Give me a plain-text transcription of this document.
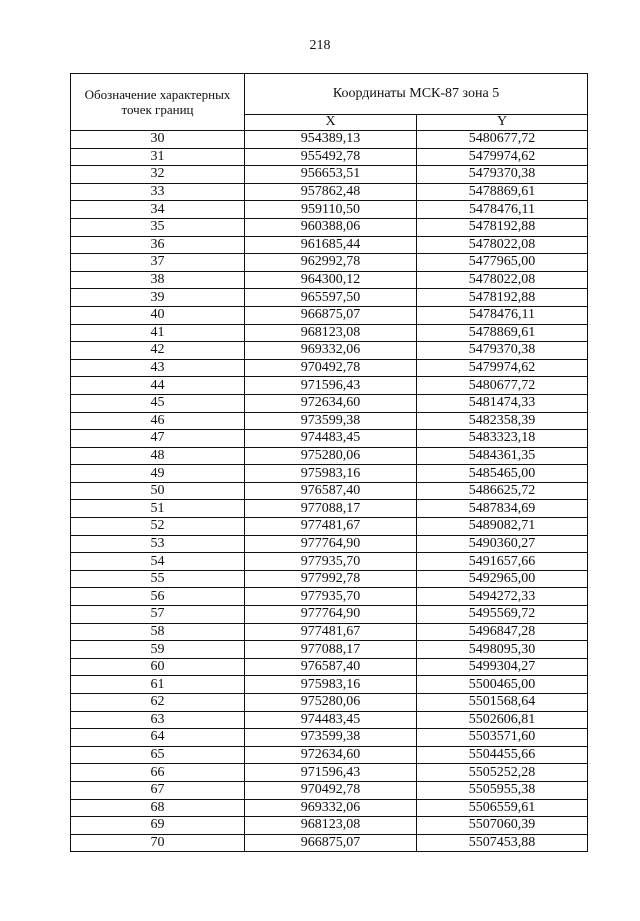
218
Обозначение характерных точек границ	Координаты МСК-87 зона 5	
	X	Y
30	954389,13	5480677,72
31	955492,78	5479974,62
32	956653,51	5479370,38
33	957862,48	5478869,61
34	959110,50	5478476,11
35	960388,06	5478192,88
36	961685,44	5478022,08
37	962992,78	5477965,00
38	964300,12	5478022,08
39	965597,50	5478192,88
40	966875,07	5478476,11
41	968123,08	5478869,61
42	969332,06	5479370,38
43	970492,78	5479974,62
44	971596,43	5480677,72
45	972634,60	5481474,33
46	973599,38	5482358,39
47	974483,45	5483323,18
48	975280,06	5484361,35
49	975983,16	5485465,00
50	976587,40	5486625,72
51	977088,17	5487834,69
52	977481,67	5489082,71
53	977764,90	5490360,27
54	977935,70	5491657,66
55	977992,78	5492965,00
56	977935,70	5494272,33
57	977764,90	5495569,72
58	977481,67	5496847,28
59	977088,17	5498095,30
60	976587,40	5499304,27
61	975983,16	5500465,00
62	975280,06	5501568,64
63	974483,45	5502606,81
64	973599,38	5503571,60
65	972634,60	5504455,66
66	971596,43	5505252,28
67	970492,78	5505955,38
68	969332,06	5506559,61
69	968123,08	5507060,39
70	966875,07	5507453,88
